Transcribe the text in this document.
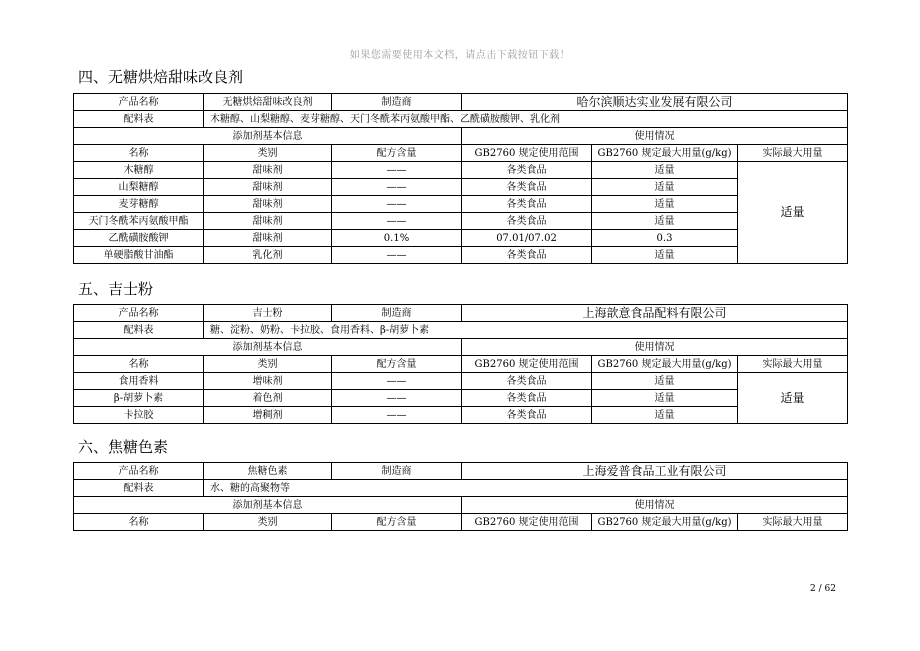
如果您需要使用本文档，请点击下载按钮下载！
四、无糖烘焙甜味改良剂
产品名称	无糖烘焙甜味改良剂	制造商	哈尔滨顺达实业发展有限公司		
配料表	木糖醇、山梨糖醇、麦芽糖醇、天门冬酰苯丙氨酸甲酯、乙酰磺胺酸钾、乳化剂				
添加剂基本信息			使用情况		
名称	类别	配方含量	GB2760 规定使用范围	GB2760 规定最大用量(g/kg)	实际最大用量
木糖醇	甜味剂	——	各类食品	适量	适量
山梨糖醇	甜味剂	——	各类食品	适量	
麦芽糖醇	甜味剂	——	各类食品	适量	
天门冬酰苯丙氨酸甲酯	甜味剂	——	各类食品	适量	
乙酰磺胺酸钾	甜味剂	0.1%	07.01/07.02	0.3	
单硬脂酸甘油酯	乳化剂	——	各类食品	适量	
五、吉士粉
产品名称	吉士粉	制造商	上海歆意食品配料有限公司		
配料表	糖、淀粉、奶粉、卡拉胶、食用香料、β-胡萝卜素				
添加剂基本信息			使用情况		
名称	类别	配方含量	GB2760 规定使用范围	GB2760 规定最大用量(g/kg)	实际最大用量
食用香料	增味剂	——	各类食品	适量	适量
β-胡萝卜素	着色剂	——	各类食品	适量	
卡拉胶	增稠剂	——	各类食品	适量	
六、焦糖色素
产品名称	焦糖色素	制造商	上海爱普食品工业有限公司		
配料表	水、糖的高聚物等				
添加剂基本信息			使用情况		
名称	类别	配方含量	GB2760 规定使用范围	GB2760 规定最大用量(g/kg)	实际最大用量
2 / 62
